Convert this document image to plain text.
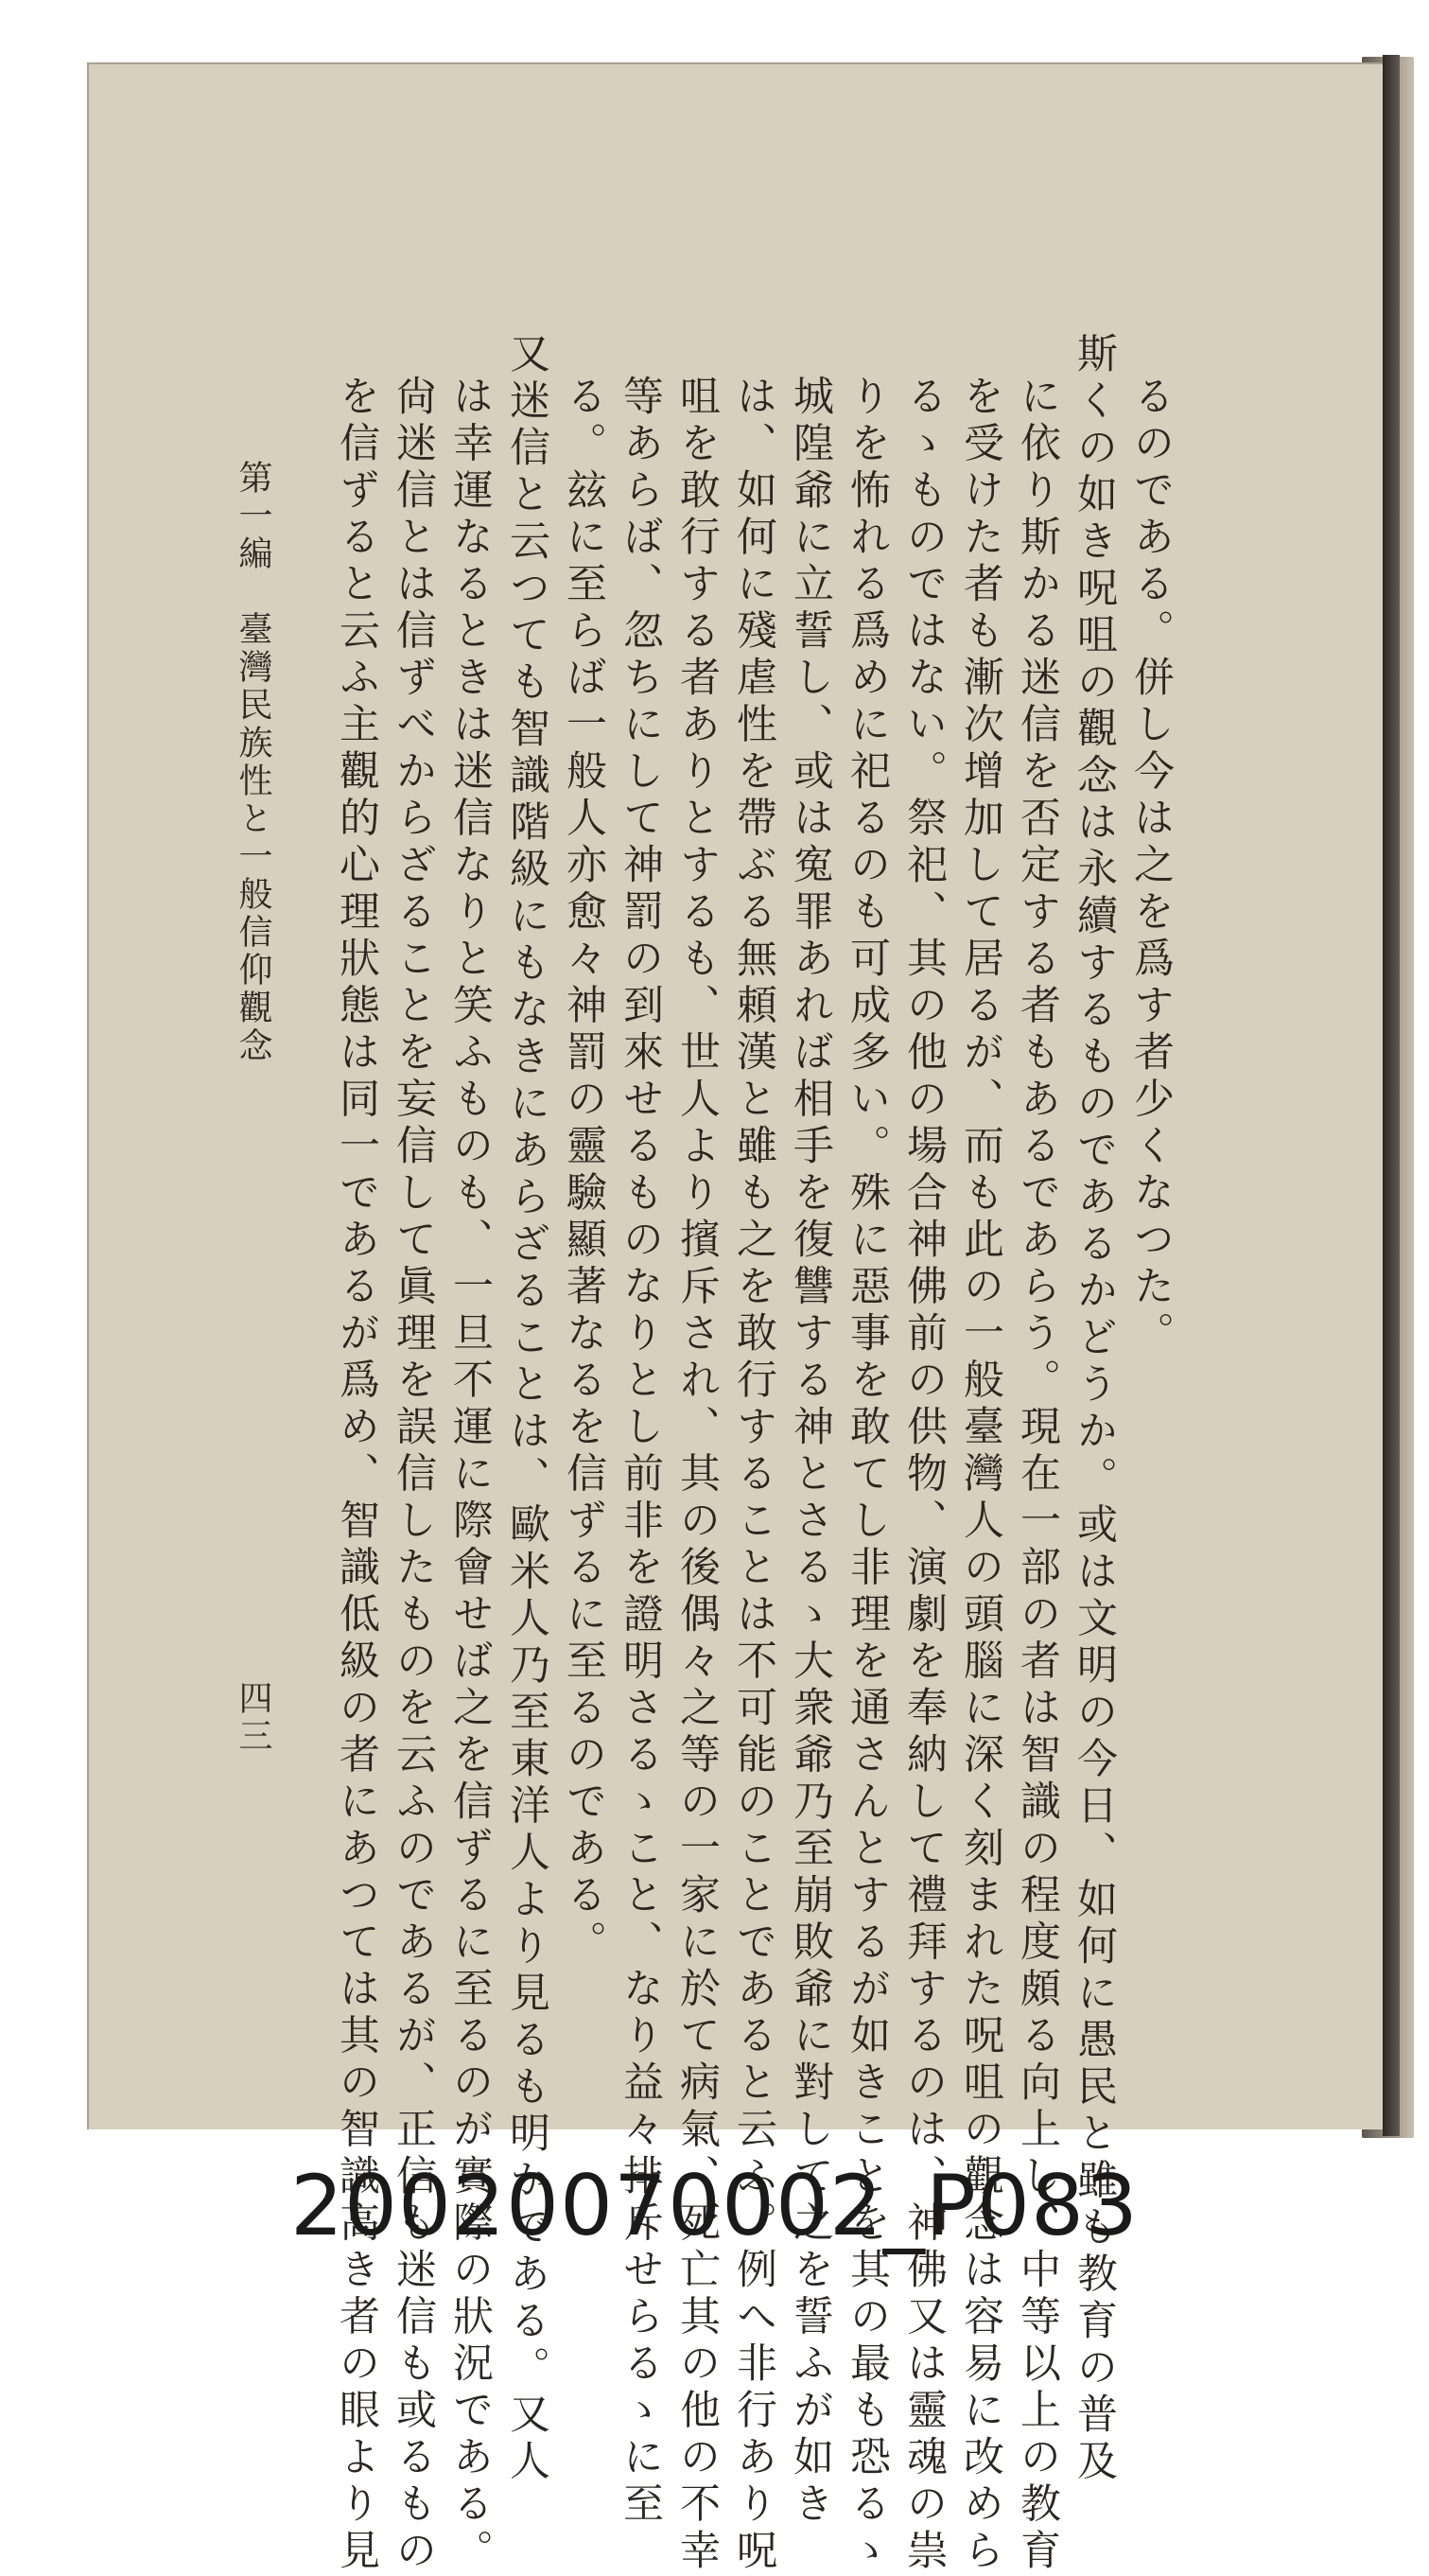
るのである。併し今は之を爲す者少くなつた。

斯くの如き呪咀の觀念は永續するものであるかどうか。或は文明の今日、如何に愚民と雖も教育の普及

に依り斯かる迷信を否定する者もあるであらう。現在一部の者は智識の程度頗る向上し、中等以上の教育

を受けた者も漸次增加して居るが、而も此の一般臺灣人の頭腦に深く刻まれた呪咀の觀念は容易に改めら

るゝものではない。祭祀、其の他の場合神佛前の供物、演劇を奉納して禮拜するのは、神佛又は靈魂の祟

りを怖れる爲めに祀るのも可成多い。殊に惡事を敢てし非理を通さんとするが如きことを其の最も恐るゝ

城隍爺に立誓し、或は寃罪あれば相手を復讐する神とさるゝ大衆爺乃至崩敗爺に對して之を誓ふが如き

は、如何に殘虐性を帶ぶる無頼漢と雖も之を敢行することは不可能のことであると云ふ。例へ非行あり呪

咀を敢行する者ありとするも、世人より擯斥され、其の後偶々之等の一家に於て病氣、死亡其の他の不幸

等あらば、忽ちにして神罰の到來せるものなりとし前非を證明さるゝこと、なり益々排斥せらるゝに至

る。玆に至らば一般人亦愈々神罰の靈驗顯著なるを信ずるに至るのである。

又迷信と云つても智識階級にもなきにあらざることは、歐米人乃至東洋人より見るも明かである。又人

は幸運なるときは迷信なりと笑ふものも、一旦不運に際會せば之を信ずるに至るのが實際の狀況である。

尙迷信とは信ずべからざることを妄信して眞理を誤信したものを云ふのであるが、正信も迷信も或るもの

を信ずると云ふ主觀的心理狀態は同一であるが爲め、智識低級の者にあつては其の智識高き者の眼より見

第一編　臺灣民族性と一般信仰觀念
四三
20020070002_P083
